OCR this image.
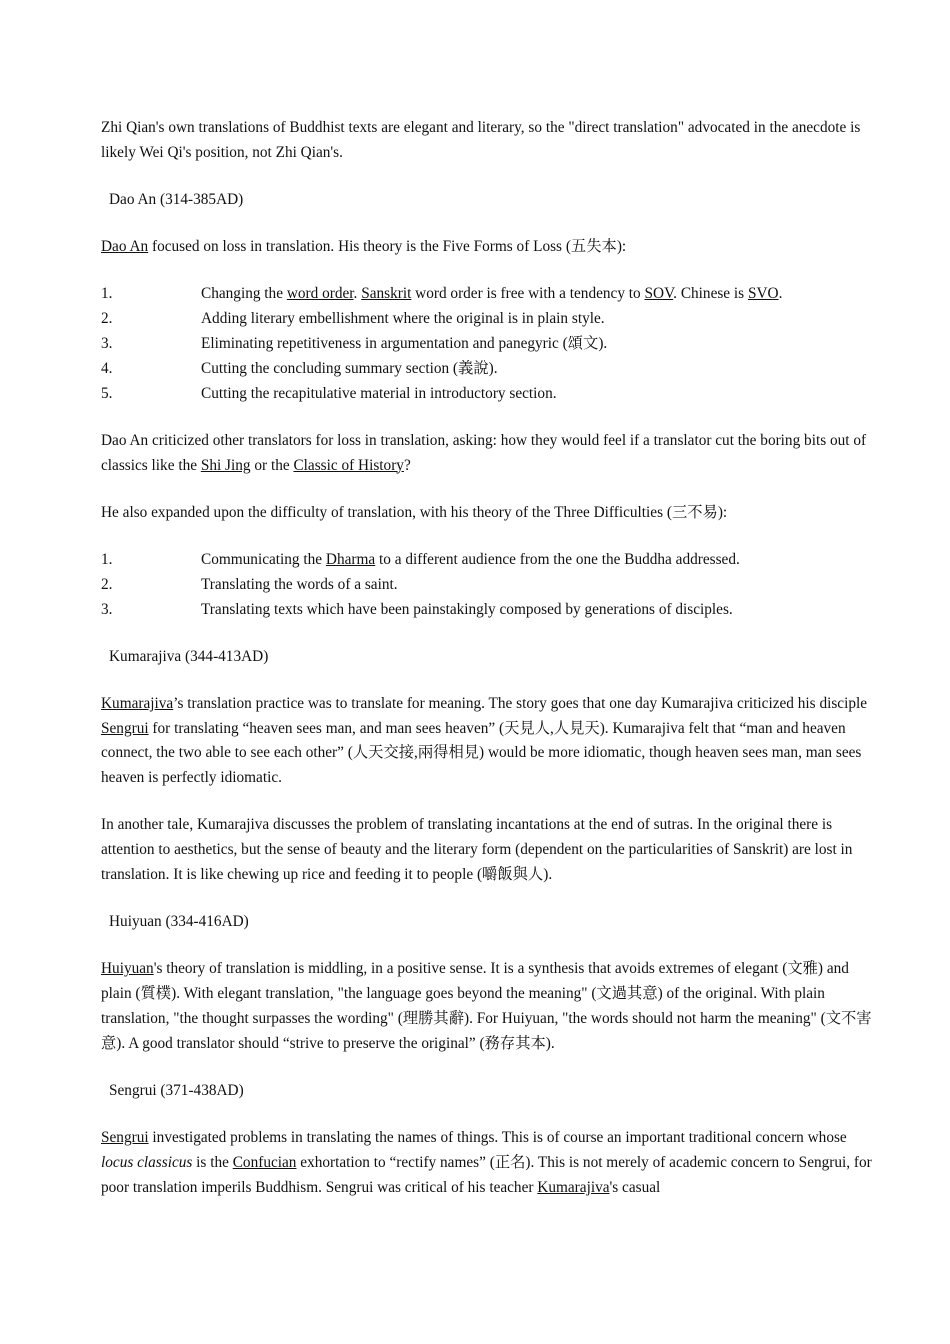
Zhi Qian's own translations of Buddhist texts are elegant and literary, so the "direct translation" advocated in the anecdote is likely Wei Qi's position, not Zhi Qian's.

Dao An (314-385AD)

Dao An focused on loss in translation. His theory is the Five Forms of Loss (五失本):

1.	Changing the word order. Sanskrit word order is free with a tendency to SOV. Chinese is SVO.
2.	Adding literary embellishment where the original is in plain style.
3.	Eliminating repetitiveness in argumentation and panegyric (頌文).
4.	Cutting the concluding summary section (義說).
5.	Cutting the recapitulative material in introductory section.

Dao An criticized other translators for loss in translation, asking: how they would feel if a translator cut the boring bits out of classics like the Shi Jing or the Classic of History?

He also expanded upon the difficulty of translation, with his theory of the Three Difficulties (三不易):

1.	Communicating the Dharma to a different audience from the one the Buddha addressed.
2.	Translating the words of a saint.
3.	Translating texts which have been painstakingly composed by generations of disciples.
Kumarajiva (344-413AD)

Kumarajiva’s translation practice was to translate for meaning. The story goes that one day Kumarajiva criticized his disciple Sengrui for translating “heaven sees man, and man sees heaven” (天見人,人見天). Kumarajiva felt that “man and heaven connect, the two able to see each other” (人天交接,兩得相見) would be more idiomatic, though heaven sees man, man sees heaven is perfectly idiomatic.

In another tale, Kumarajiva discusses the problem of translating incantations at the end of sutras. In the original there is attention to aesthetics, but the sense of beauty and the literary form (dependent on the particularities of Sanskrit) are lost in translation. It is like chewing up rice and feeding it to people (嚼飯與人).

Huiyuan (334-416AD)

Huiyuan's theory of translation is middling, in a positive sense. It is a synthesis that avoids extremes of elegant (文雅) and plain (質樸). With elegant translation, "the language goes beyond the meaning" (文過其意) of the original. With plain translation, "the thought surpasses the wording" (理勝其辭). For Huiyuan, "the words should not harm the meaning" (文不害意). A good translator should “strive to preserve the original” (務存其本).

Sengrui (371-438AD)

Sengrui investigated problems in translating the names of things. This is of course an important traditional concern whose locus classicus is the Confucian exhortation to “rectify names” (正名). This is not merely of academic concern to Sengrui, for poor translation imperils Buddhism. Sengrui was critical of his teacher Kumarajiva's casual
